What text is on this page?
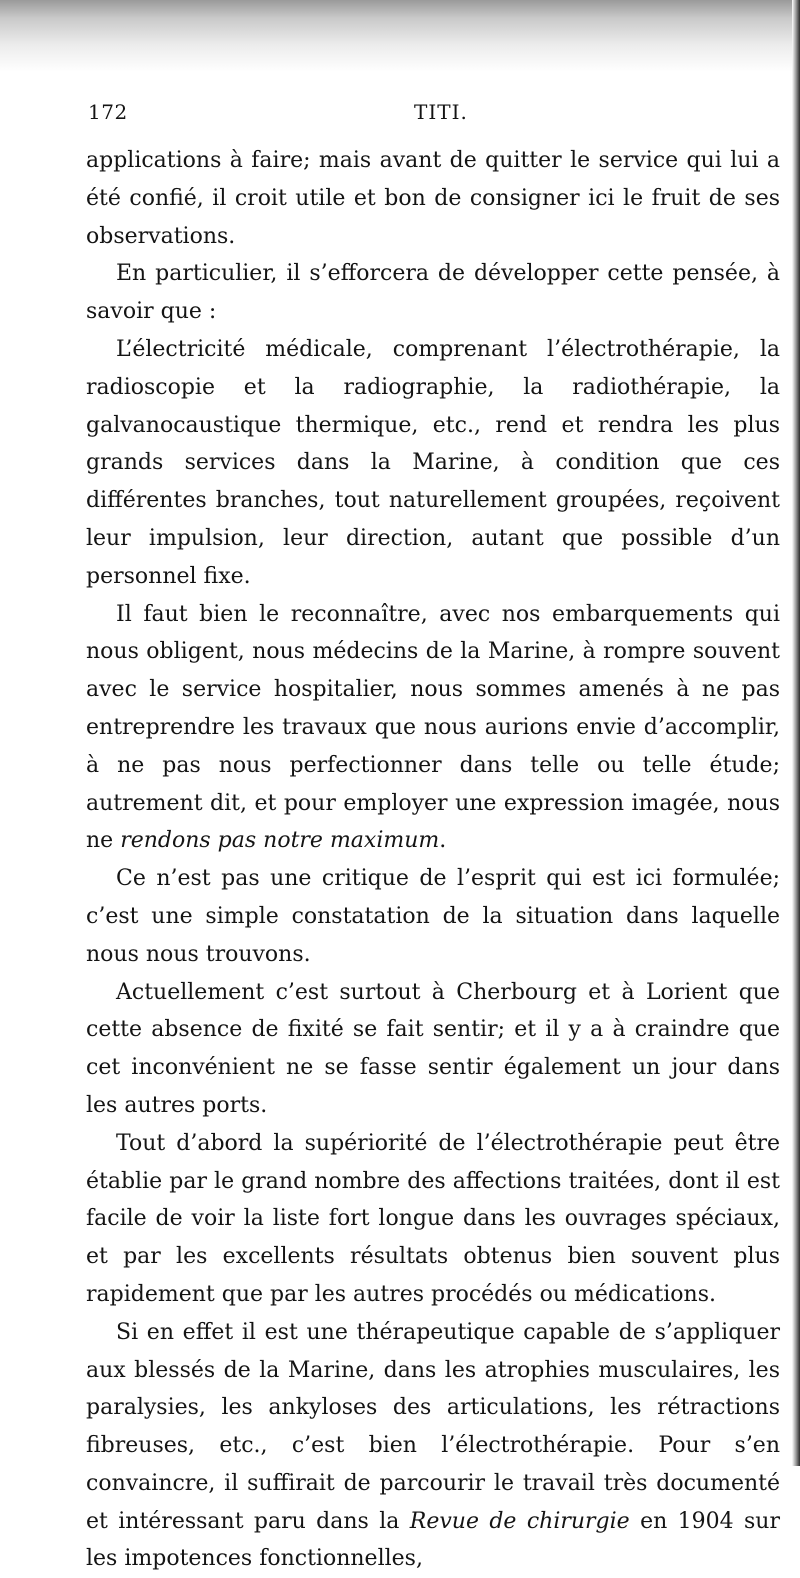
172	TITI.

applications à faire; mais avant de quitter le service qui lui a été confié, il croit utile et bon de consigner ici le fruit de ses observations.

En particulier, il s’efforcera de développer cette pensée, à savoir que :

L’électricité médicale, comprenant l’électrothérapie, la radioscopie et la radiographie, la radiothérapie, la galvanocaustique thermique, etc., rend et rendra les plus grands services dans la Marine, à condition que ces différentes branches, tout naturellement groupées, reçoivent leur impulsion, leur direction, autant que possible d’un personnel fixe.

Il faut bien le reconnaître, avec nos embarquements qui nous obligent, nous médecins de la Marine, à rompre souvent avec le service hospitalier, nous sommes amenés à ne pas entreprendre les travaux que nous aurions envie d’accomplir, à ne pas nous perfectionner dans telle ou telle étude; autrement dit, et pour employer une expression imagée, nous ne rendons pas notre maximum.

Ce n’est pas une critique de l’esprit qui est ici formulée; c’est une simple constatation de la situation dans laquelle nous nous trouvons.

Actuellement c’est surtout à Cherbourg et à Lorient que cette absence de fixité se fait sentir; et il y a à craindre que cet inconvénient ne se fasse sentir également un jour dans les autres ports.

Tout d’abord la supériorité de l’électrothérapie peut être établie par le grand nombre des affections traitées, dont il est facile de voir la liste fort longue dans les ouvrages spéciaux, et par les excellents résultats obtenus bien souvent plus rapidement que par les autres procédés ou médications.

Si en effet il est une thérapeutique capable de s’appliquer aux blessés de la Marine, dans les atrophies musculaires, les paralysies, les ankyloses des articulations, les rétractions fibreuses, etc., c’est bien l’électrothérapie. Pour s’en convaincre, il suffirait de parcourir le travail très documenté et intéressant paru dans la Revue de chirurgie en 1904 sur les impotences fonctionnelles,
